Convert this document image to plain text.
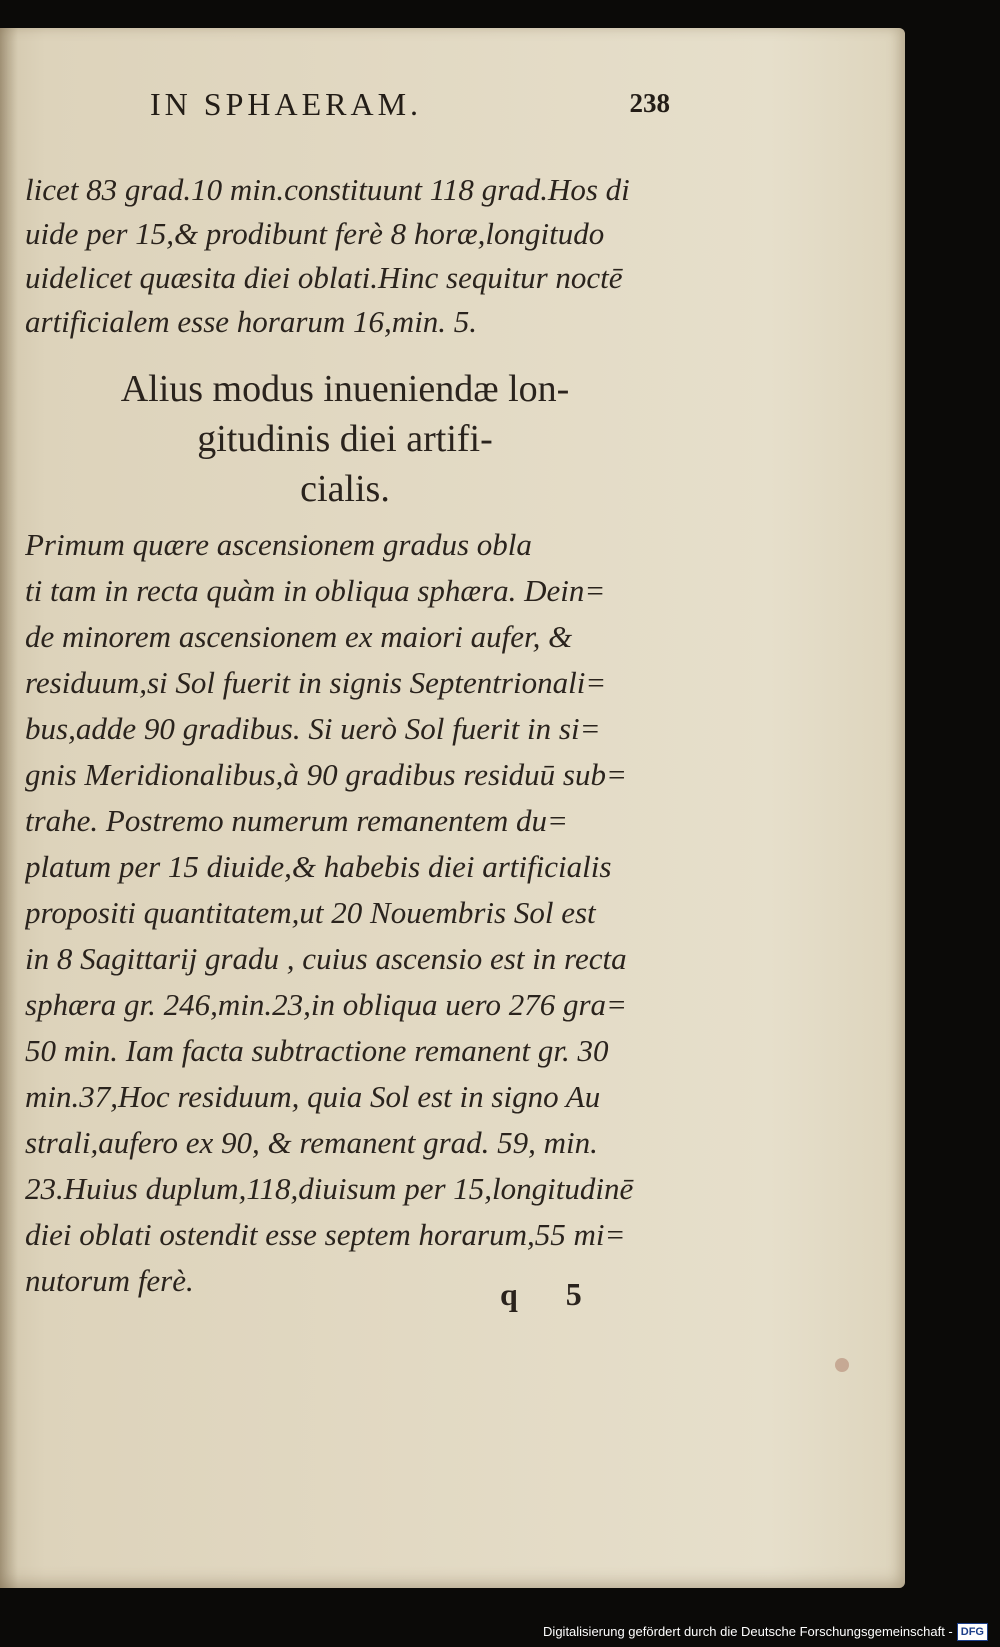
IN SPHAERAM.	238
licet 83 grad.10 min.constituunt 118 grad.Hos di
uide per 15,& prodibunt ferè 8 horæ,longitudo
uidelicet quæsita diei oblati.Hinc sequitur noctē
artificialem esse horarum 16,min. 5.
Alius modus inueniendæ lon-
gitudinis diei artifi-
cialis.
Primum quære ascensionem gradus obla
ti tam in recta quàm in obliqua sphæra. Dein=
de minorem ascensionem ex maiori aufer, &
residuum,si Sol fuerit in signis Septentrionali=
bus,adde 90 gradibus. Si uerò Sol fuerit in si=
gnis Meridionalibus,à 90 gradibus residuū sub=
trahe. Postremo numerum remanentem du=
platum per 15 diuide,& habebis diei artificialis
propositi quantitatem,ut 20 Nouembris Sol est
in 8 Sagittarij gradu , cuius ascensio est in recta
sphæra gr. 246,min.23,in obliqua uero 276 gra=
50 min. Iam facta subtractione remanent gr. 30
min.37,Hoc residuum, quia Sol est in signo Au
strali,aufero ex 90, & remanent grad. 59, min.
23.Huius duplum,118,diuisum per 15,longitudinē
diei oblati ostendit esse septem horarum,55 mi=
nutorum ferè.	q 5
Digitalisierung gefördert durch die Deutsche Forschungsgemeinschaft - DFG
